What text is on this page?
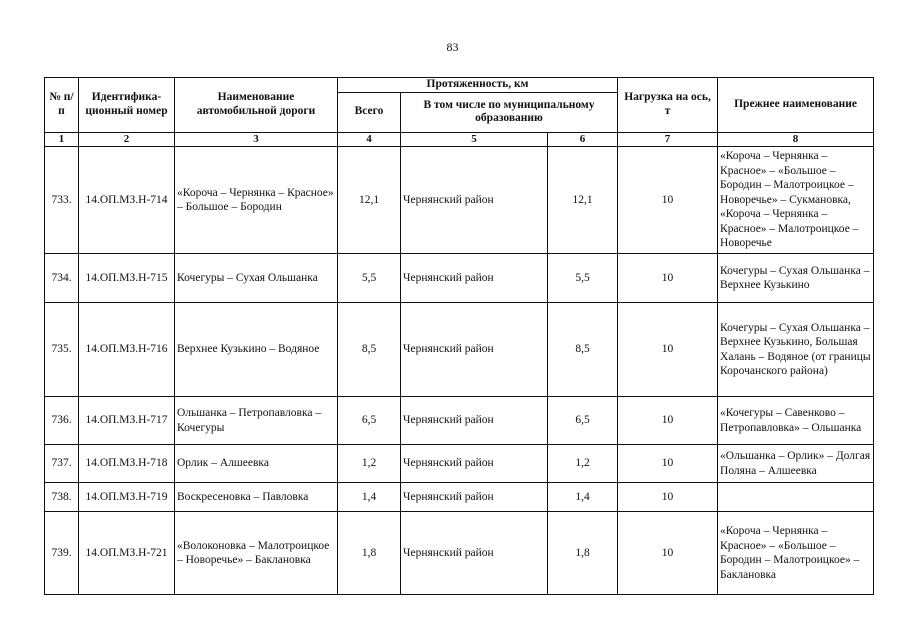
83
№ п/п	Идентифика-ционный номер	Наименование автомобильной дороги	Протяженность, км			Нагрузка на ось, т	Прежнее наименование
			Всего	В том числе по муниципальному образованию			
1	2	3	4	5	6	7	8
733.	14.ОП.МЗ.Н-714	«Короча – Чернянка – Красное» – Большое – Бородин	12,1	Чернянский район	12,1	10	«Короча – Чернянка – Красное» – «Большое – Бородин – Малотроицкое – Новоречье» – Сукмановка, «Короча – Чернянка – Красное» – Малотроицкое – Новоречье
734.	14.ОП.МЗ.Н-715	Кочегуры – Сухая Ольшанка	5,5	Чернянский район	5,5	10	Кочегуры – Сухая Ольшанка – Верхнее Кузькино
735.	14.ОП.МЗ.Н-716	Верхнее Кузькино – Водяное	8,5	Чернянский район	8,5	10	Кочегуры – Сухая Ольшанка – Верхнее Кузькино, Большая Халань – Водяное (от границы Корочанского района)
736.	14.ОП.МЗ.Н-717	Ольшанка – Петропавловка – Кочегуры	6,5	Чернянский район	6,5	10	«Кочегуры – Савенково – Петропавловка» – Ольшанка
737.	14.ОП.МЗ.Н-718	Орлик – Алшеевка	1,2	Чернянский район	1,2	10	«Ольшанка – Орлик» – Долгая Поляна – Алшеевка
738.	14.ОП.МЗ.Н-719	Воскресеновка – Павловка	1,4	Чернянский район	1,4	10	
739.	14.ОП.МЗ.Н-721	«Волоконовка – Малотроицкое – Новоречье» – Баклановка	1,8	Чернянский район	1,8	10	«Короча – Чернянка – Красное» – «Большое – Бородин – Малотроицкое» – Баклановка
